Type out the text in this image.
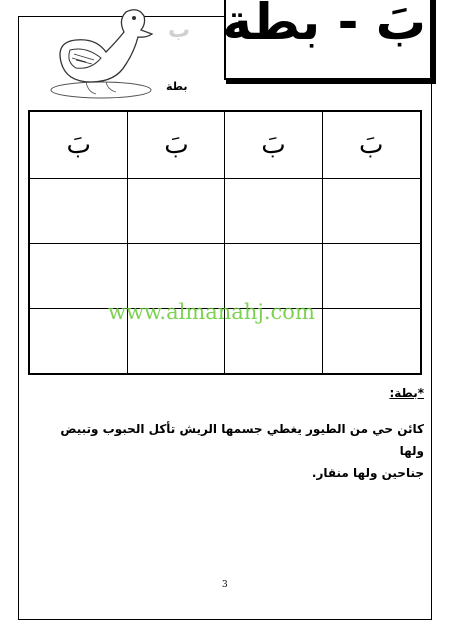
بَ - بطة
ب
بطة
بَ	بَ	بَ	بَ

www.almanahj.com
*بطة:
كائن حي من الطيور يغطي جسمها الريش تأكل الحبوب وتبيض ولها
جناحين ولها منقار.
3
